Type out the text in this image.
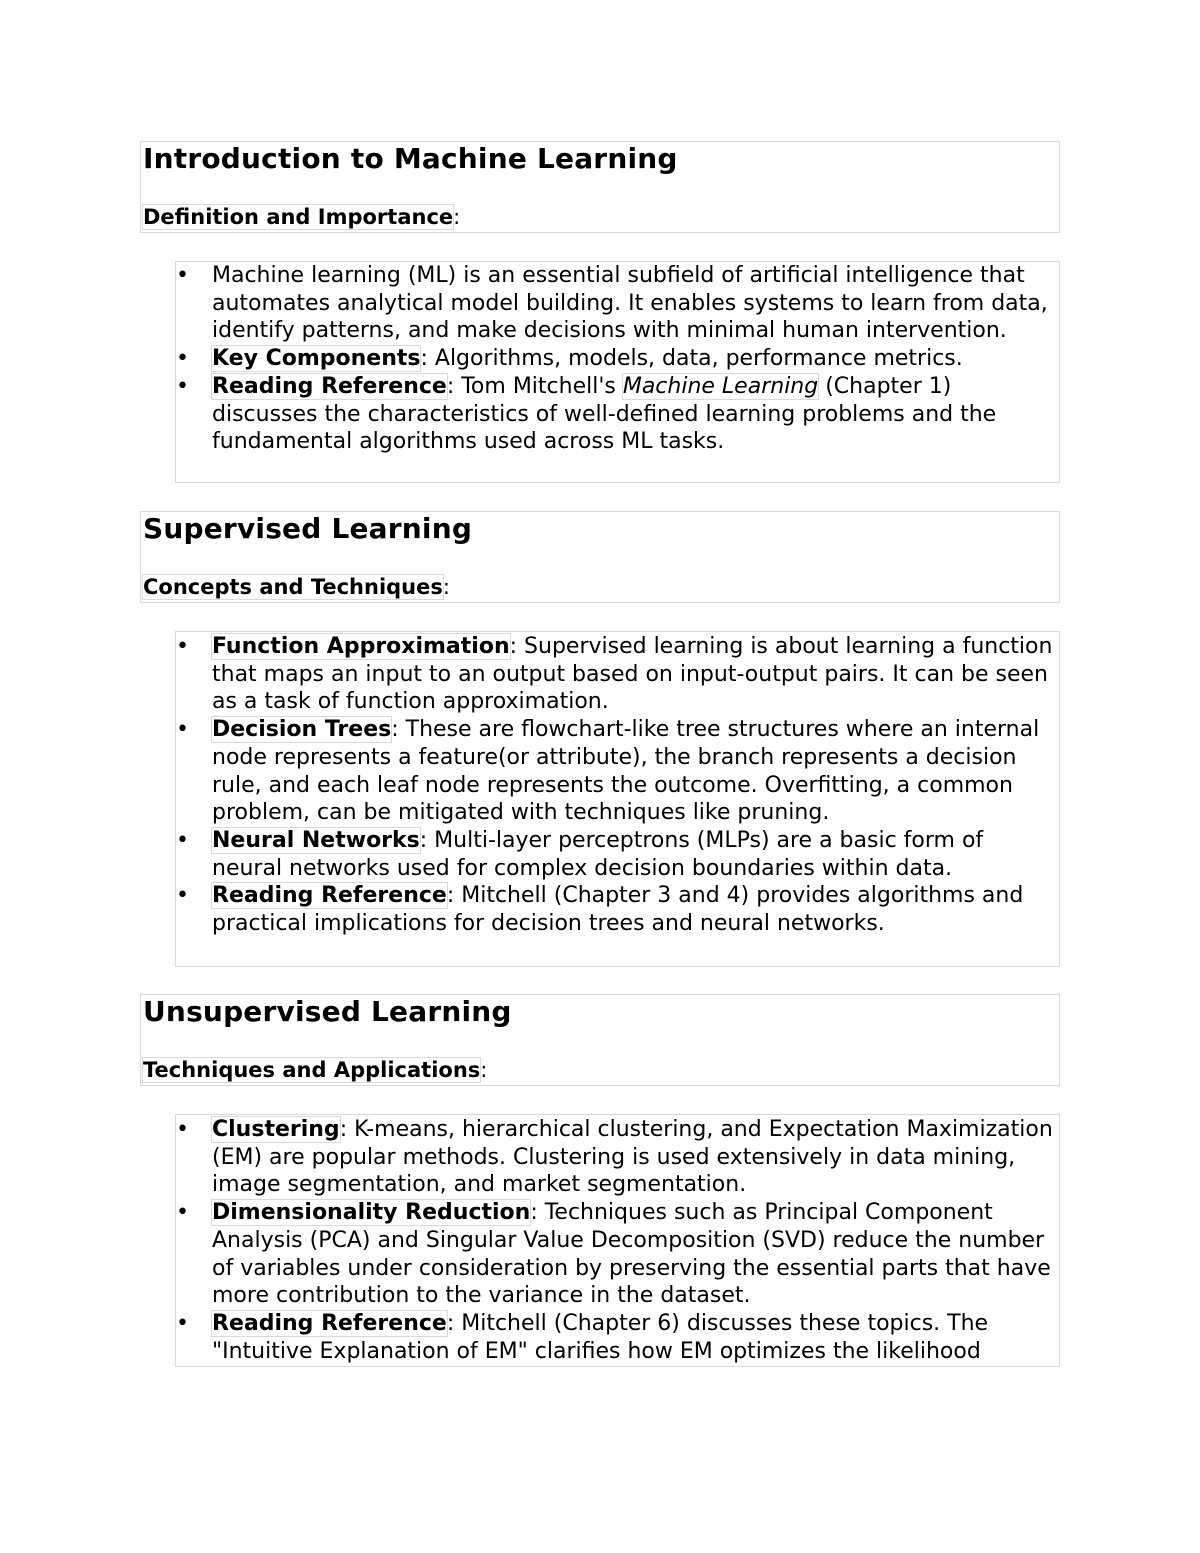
Introduction to Machine Learning
Definition and Importance:
• Machine learning (ML) is an essential subfield of artificial intelligence that automates analytical model building. It enables systems to learn from data, identify patterns, and make decisions with minimal human intervention.
• Key Components: Algorithms, models, data, performance metrics.
• Reading Reference: Tom Mitchell's Machine Learning (Chapter 1) discusses the characteristics of well-defined learning problems and the fundamental algorithms used across ML tasks.
Supervised Learning
Concepts and Techniques:
• Function Approximation: Supervised learning is about learning a function that maps an input to an output based on input-output pairs. It can be seen as a task of function approximation.
• Decision Trees: These are flowchart-like tree structures where an internal node represents a feature(or attribute), the branch represents a decision rule, and each leaf node represents the outcome. Overfitting, a common problem, can be mitigated with techniques like pruning.
• Neural Networks: Multi-layer perceptrons (MLPs) are a basic form of neural networks used for complex decision boundaries within data.
• Reading Reference: Mitchell (Chapter 3 and 4) provides algorithms and practical implications for decision trees and neural networks.
Unsupervised Learning
Techniques and Applications:
• Clustering: K-means, hierarchical clustering, and Expectation Maximization (EM) are popular methods. Clustering is used extensively in data mining, image segmentation, and market segmentation.
• Dimensionality Reduction: Techniques such as Principal Component Analysis (PCA) and Singular Value Decomposition (SVD) reduce the number of variables under consideration by preserving the essential parts that have more contribution to the variance in the dataset.
• Reading Reference: Mitchell (Chapter 6) discusses these topics. The "Intuitive Explanation of EM" clarifies how EM optimizes the likelihood
